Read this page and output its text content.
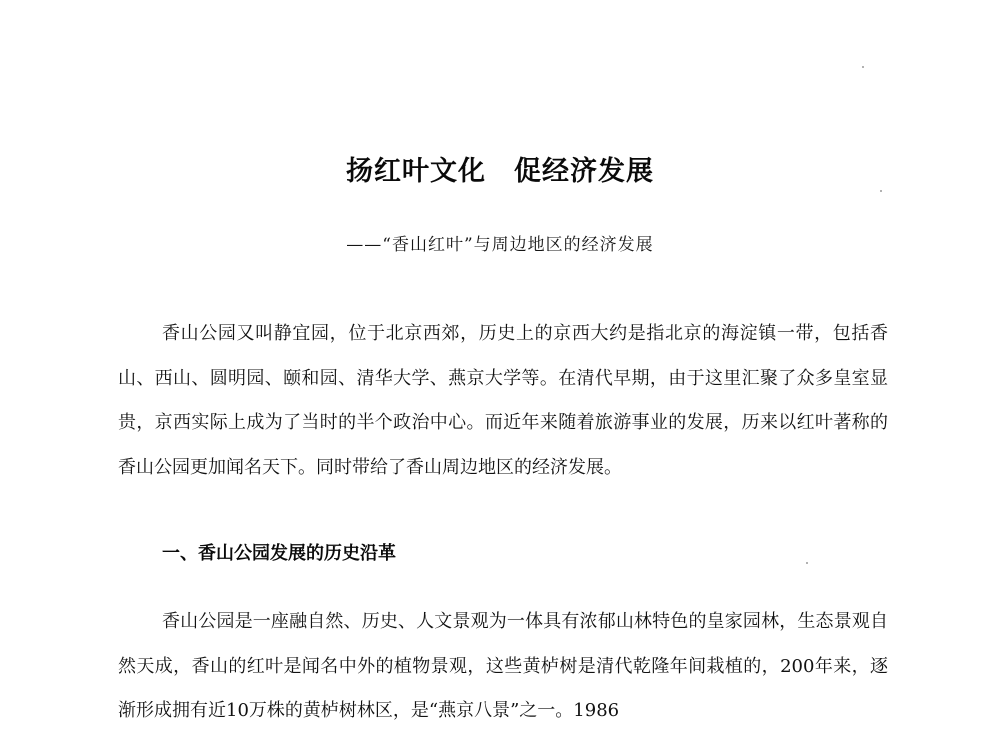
扬红叶文化　促经济发展
——“香山红叶”与周边地区的经济发展

香山公园又叫静宜园，位于北京西郊，历史上的京西大约是指北京的海淀镇一带，包括香山、西山、圆明园、颐和园、清华大学、燕京大学等。在清代早期，由于这里汇聚了众多皇室显贵，京西实际上成为了当时的半个政治中心。而近年来随着旅游事业的发展，历来以红叶著称的香山公园更加闻名天下。同时带给了香山周边地区的经济发展。

一、香山公园发展的历史沿革

香山公园是一座融自然、历史、人文景观为一体具有浓郁山林特色的皇家园林，生态景观自然天成，香山的红叶是闻名中外的植物景观，这些黄栌树是清代乾隆年间栽植的，200年来，逐渐形成拥有近10万株的黄栌树林区，是“燕京八景”之一。1986
